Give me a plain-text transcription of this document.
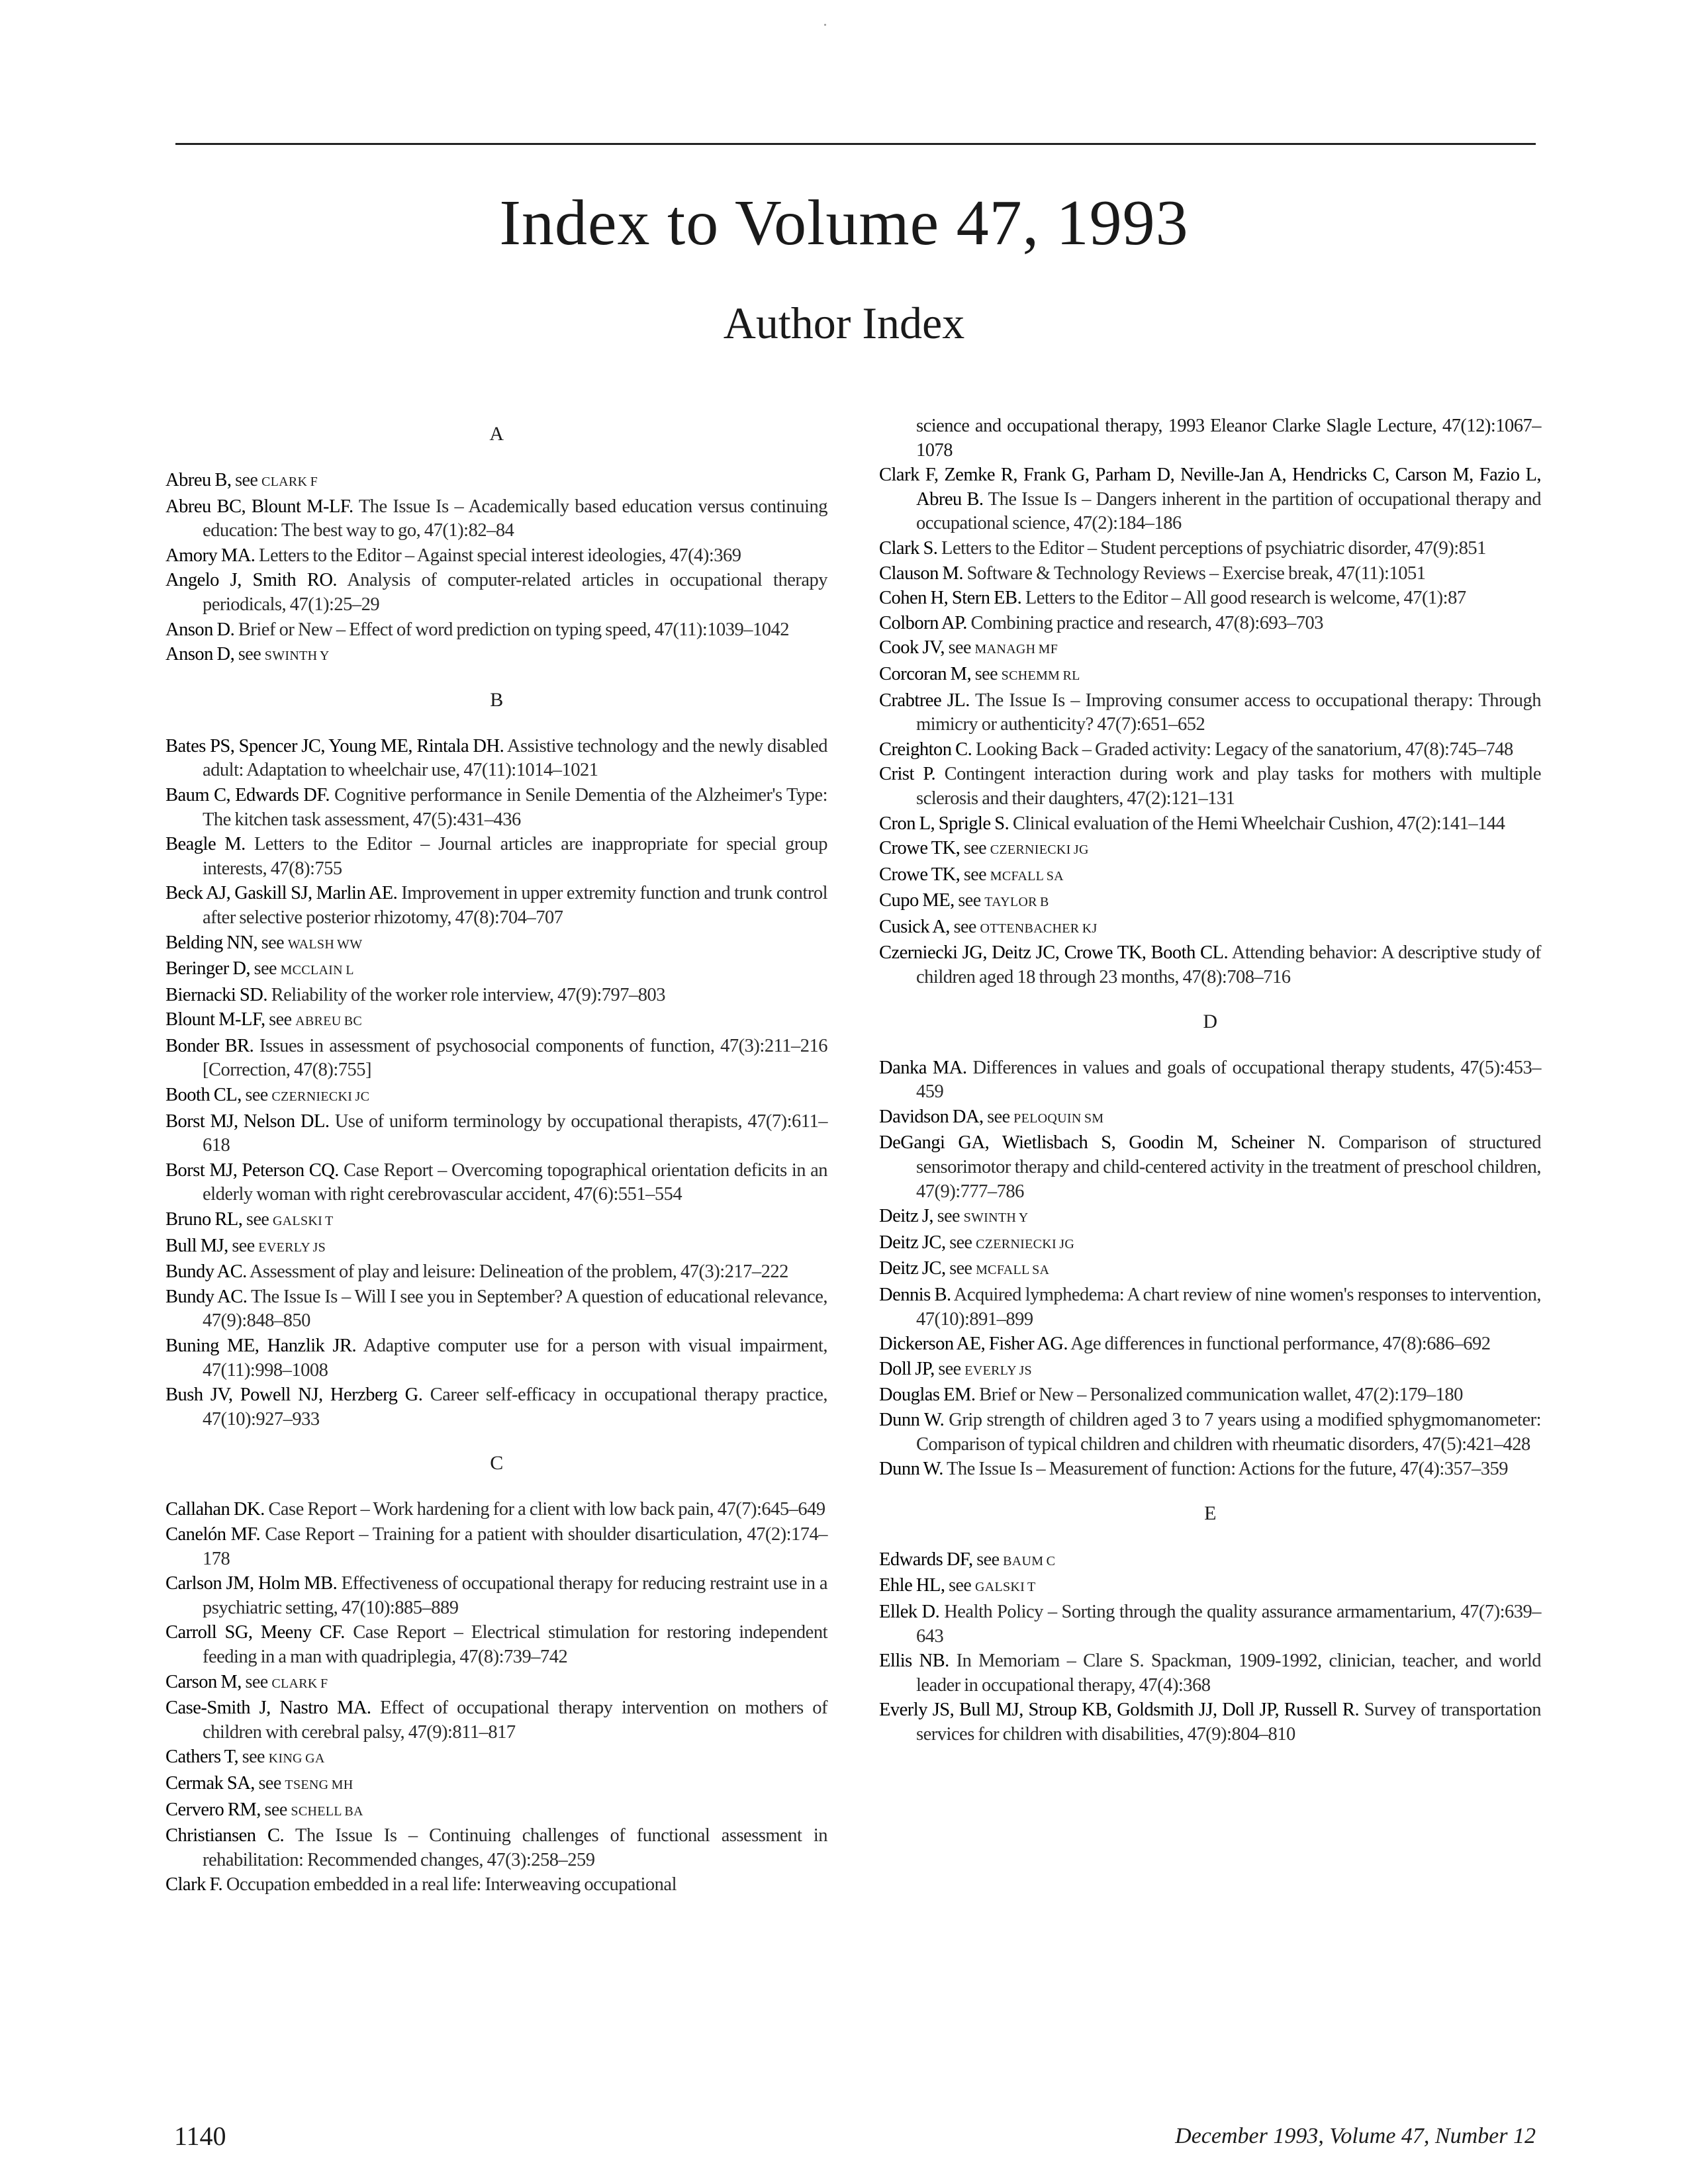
Index to Volume 47, 1993
Author Index
A

Abreu B, see CLARK F

Abreu BC, Blount M-LF. The Issue Is – Academically based education versus continuing education: The best way to go, 47(1):82–84

Amory MA. Letters to the Editor – Against special interest ideologies, 47(4):369

Angelo J, Smith RO. Analysis of computer-related articles in occupational therapy periodicals, 47(1):25–29

Anson D. Brief or New – Effect of word prediction on typing speed, 47(11):1039–1042

Anson D, see SWINTH Y

B

Bates PS, Spencer JC, Young ME, Rintala DH. Assistive technology and the newly disabled adult: Adaptation to wheelchair use, 47(11):1014–1021

Baum C, Edwards DF. Cognitive performance in Senile Dementia of the Alzheimer's Type: The kitchen task assessment, 47(5):431–436

Beagle M. Letters to the Editor – Journal articles are inappropriate for special group interests, 47(8):755

Beck AJ, Gaskill SJ, Marlin AE. Improvement in upper extremity function and trunk control after selective posterior rhizotomy, 47(8):704–707

Belding NN, see WALSH WW

Beringer D, see MCCLAIN L

Biernacki SD. Reliability of the worker role interview, 47(9):797–803

Blount M-LF, see ABREU BC

Bonder BR. Issues in assessment of psychosocial components of function, 47(3):211–216 [Correction, 47(8):755]

Booth CL, see CZERNIECKI JC

Borst MJ, Nelson DL. Use of uniform terminology by occupational therapists, 47(7):611–618

Borst MJ, Peterson CQ. Case Report – Overcoming topographical orientation deficits in an elderly woman with right cerebrovascular accident, 47(6):551–554

Bruno RL, see GALSKI T

Bull MJ, see EVERLY JS

Bundy AC. Assessment of play and leisure: Delineation of the problem, 47(3):217–222

Bundy AC. The Issue Is – Will I see you in September? A question of educational relevance, 47(9):848–850

Buning ME, Hanzlik JR. Adaptive computer use for a person with visual impairment, 47(11):998–1008

Bush JV, Powell NJ, Herzberg G. Career self-efficacy in occupational therapy practice, 47(10):927–933

C

Callahan DK. Case Report – Work hardening for a client with low back pain, 47(7):645–649

Canelón MF. Case Report – Training for a patient with shoulder disarticulation, 47(2):174–178

Carlson JM, Holm MB. Effectiveness of occupational therapy for reducing restraint use in a psychiatric setting, 47(10):885–889

Carroll SG, Meeny CF. Case Report – Electrical stimulation for restoring independent feeding in a man with quadriplegia, 47(8):739–742

Carson M, see CLARK F

Case-Smith J, Nastro MA. Effect of occupational therapy intervention on mothers of children with cerebral palsy, 47(9):811–817

Cathers T, see KING GA

Cermak SA, see TSENG MH

Cervero RM, see SCHELL BA

Christiansen C. The Issue Is – Continuing challenges of functional assessment in rehabilitation: Recommended changes, 47(3):258–259

Clark F. Occupation embedded in a real life: Interweaving occupational

science and occupational therapy, 1993 Eleanor Clarke Slagle Lecture, 47(12):1067–1078

Clark F, Zemke R, Frank G, Parham D, Neville-Jan A, Hendricks C, Carson M, Fazio L, Abreu B. The Issue Is – Dangers inherent in the partition of occupational therapy and occupational science, 47(2):184–186

Clark S. Letters to the Editor – Student perceptions of psychiatric disorder, 47(9):851

Clauson M. Software & Technology Reviews – Exercise break, 47(11):1051

Cohen H, Stern EB. Letters to the Editor – All good research is welcome, 47(1):87

Colborn AP. Combining practice and research, 47(8):693–703

Cook JV, see MANAGH MF

Corcoran M, see SCHEMM RL

Crabtree JL. The Issue Is – Improving consumer access to occupational therapy: Through mimicry or authenticity? 47(7):651–652

Creighton C. Looking Back – Graded activity: Legacy of the sanatorium, 47(8):745–748

Crist P. Contingent interaction during work and play tasks for mothers with multiple sclerosis and their daughters, 47(2):121–131

Cron L, Sprigle S. Clinical evaluation of the Hemi Wheelchair Cushion, 47(2):141–144

Crowe TK, see CZERNIECKI JG

Crowe TK, see MCFALL SA

Cupo ME, see TAYLOR B

Cusick A, see OTTENBACHER KJ

Czerniecki JG, Deitz JC, Crowe TK, Booth CL. Attending behavior: A descriptive study of children aged 18 through 23 months, 47(8):708–716

D

Danka MA. Differences in values and goals of occupational therapy students, 47(5):453–459

Davidson DA, see PELOQUIN SM

DeGangi GA, Wietlisbach S, Goodin M, Scheiner N. Comparison of structured sensorimotor therapy and child-centered activity in the treatment of preschool children, 47(9):777–786

Deitz J, see SWINTH Y

Deitz JC, see CZERNIECKI JG

Deitz JC, see MCFALL SA

Dennis B. Acquired lymphedema: A chart review of nine women's responses to intervention, 47(10):891–899

Dickerson AE, Fisher AG. Age differences in functional performance, 47(8):686–692

Doll JP, see EVERLY JS

Douglas EM. Brief or New – Personalized communication wallet, 47(2):179–180

Dunn W. Grip strength of children aged 3 to 7 years using a modified sphygmomanometer: Comparison of typical children and children with rheumatic disorders, 47(5):421–428

Dunn W. The Issue Is – Measurement of function: Actions for the future, 47(4):357–359

E

Edwards DF, see BAUM C

Ehle HL, see GALSKI T

Ellek D. Health Policy – Sorting through the quality assurance armamentarium, 47(7):639–643

Ellis NB. In Memoriam – Clare S. Spackman, 1909-1992, clinician, teacher, and world leader in occupational therapy, 47(4):368

Everly JS, Bull MJ, Stroup KB, Goldsmith JJ, Doll JP, Russell R. Survey of transportation services for children with disabilities, 47(9):804–810

1140	December 1993, Volume 47, Number 12
